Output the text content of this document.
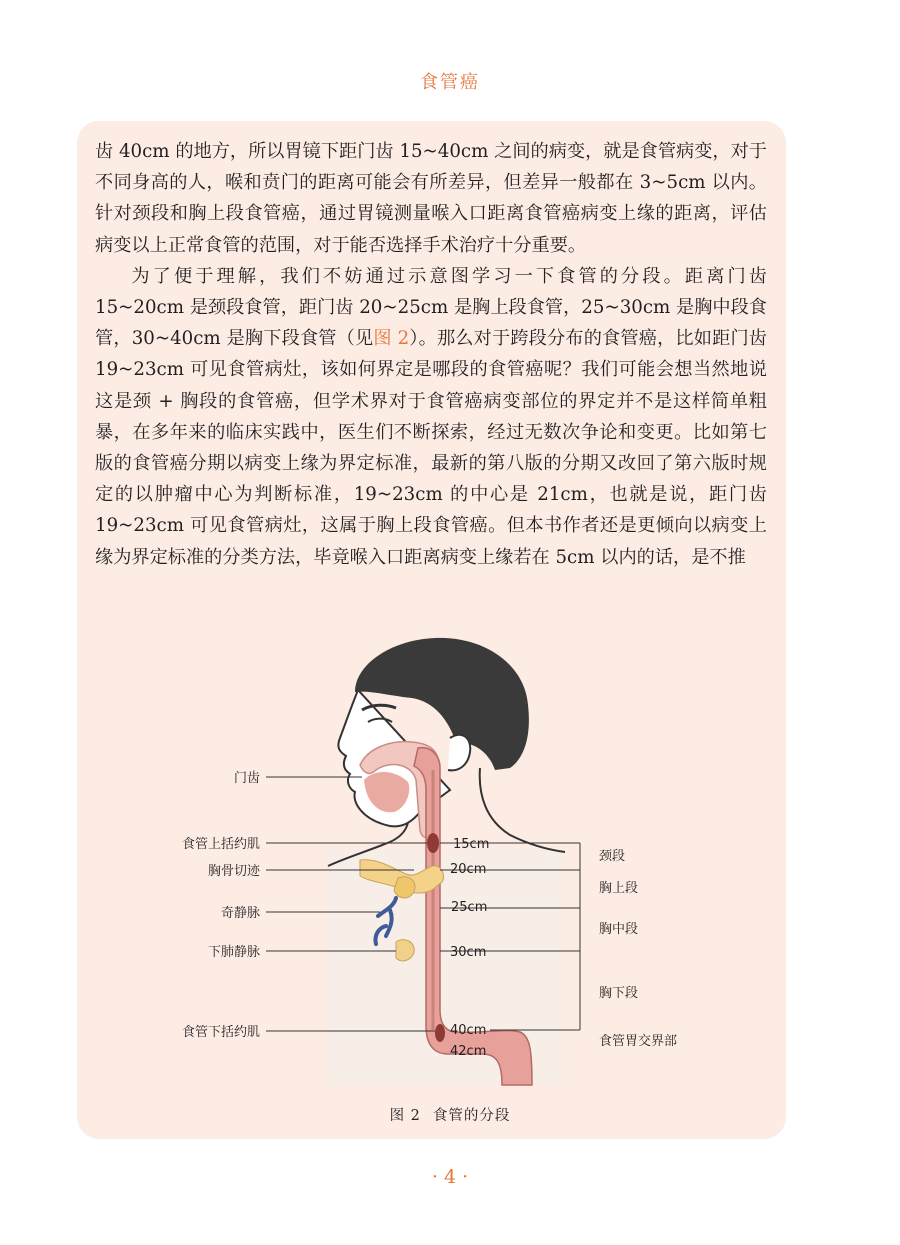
食管癌

齿 40cm 的地方，所以胃镜下距门齿 15~40cm 之间的病变，就是食管病变，对于不同身高的人，喉和贲门的距离可能会有所差异，但差异一般都在 3~5cm 以内。针对颈段和胸上段食管癌，通过胃镜测量喉入口距离食管癌病变上缘的距离，评估病变以上正常食管的范围，对于能否选择手术治疗十分重要。

为了便于理解，我们不妨通过示意图学习一下食管的分段。距离门齿 15~20cm 是颈段食管，距门齿 20~25cm 是胸上段食管，25~30cm 是胸中段食管，30~40cm 是胸下段食管（见图 2）。那么对于跨段分布的食管癌，比如距门齿 19~23cm 可见食管病灶，该如何界定是哪段的食管癌呢？我们可能会想当然地说这是颈 + 胸段的食管癌，但学术界对于食管癌病变部位的界定并不是这样简单粗暴，在多年来的临床实践中，医生们不断探索，经过无数次争论和变更。比如第七版的食管癌分期以病变上缘为界定标准，最新的第八版的分期又改回了第六版时规定的以肿瘤中心为判断标准，19~23cm 的中心是 21cm，也就是说，距门齿 19~23cm 可见食管病灶，这属于胸上段食管癌。但本书作者还是更倾向以病变上缘为界定标准的分类方法，毕竟喉入口距离病变上缘若在 5cm 以内的话，是不推

门齿
食管上括约肌
胸骨切迹
奇静脉
下肺静脉
食管下括约肌
15cm
20cm
25cm
30cm
40cm
42cm
颈段
胸上段
胸中段
胸下段
食管胃交界部
图 2 食管的分段
· 4 ·
